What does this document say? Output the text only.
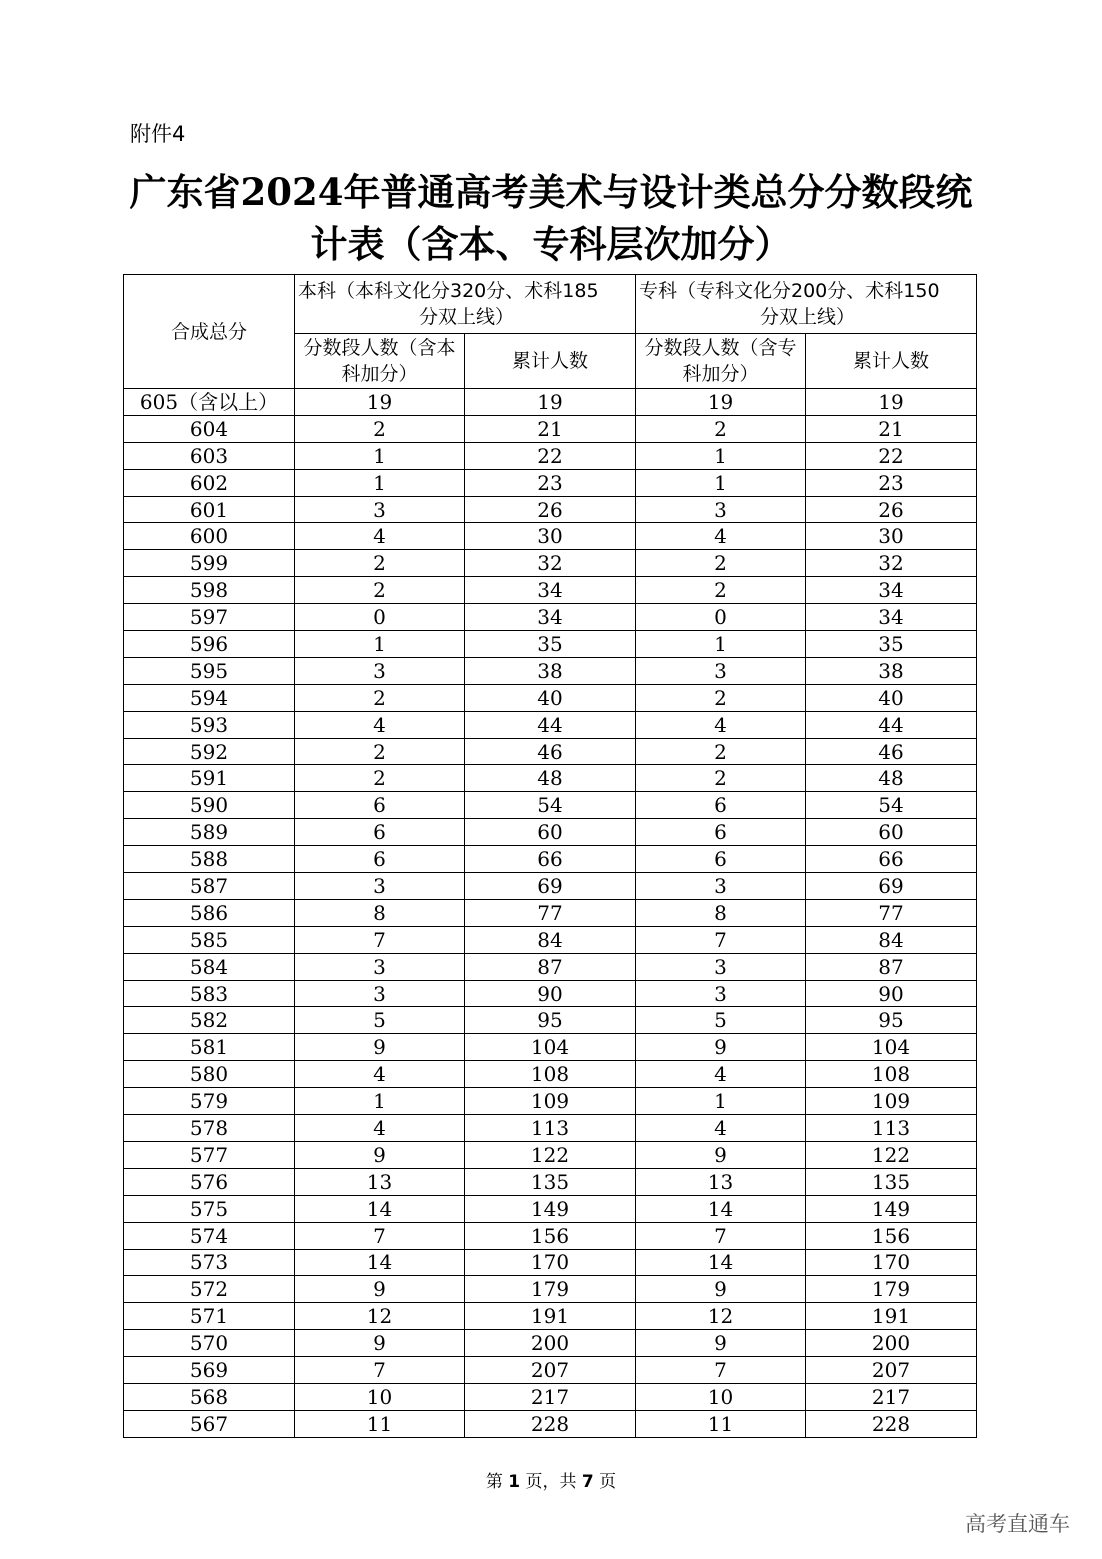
附件4
广东省2024年普通高考美术与设计类总分分数段统
计表（含本、专科层次加分）
合成总分	本科（本科文化分320分、术科185
分双上线）		专科（专科文化分200分、术科150
分双上线）	

	分数段人数（含本科加分）	累计人数	分数段人数（含专科加分）	累计人数
605（含以上）	19	19	19	19
604	2	21	2	21
603	1	22	1	22
602	1	23	1	23
601	3	26	3	26
600	4	30	4	30
599	2	32	2	32
598	2	34	2	34
597	0	34	0	34
596	1	35	1	35
595	3	38	3	38
594	2	40	2	40
593	4	44	4	44
592	2	46	2	46
591	2	48	2	48
590	6	54	6	54
589	6	60	6	60
588	6	66	6	66
587	3	69	3	69
586	8	77	8	77
585	7	84	7	84
584	3	87	3	87
583	3	90	3	90
582	5	95	5	95
581	9	104	9	104
580	4	108	4	108
579	1	109	1	109
578	4	113	4	113
577	9	122	9	122
576	13	135	13	135
575	14	149	14	149
574	7	156	7	156
573	14	170	14	170
572	9	179	9	179
571	12	191	12	191
570	9	200	9	200
569	7	207	7	207
568	10	217	10	217
567	11	228	11	228
第 1 页，共 7 页
高考直通车
